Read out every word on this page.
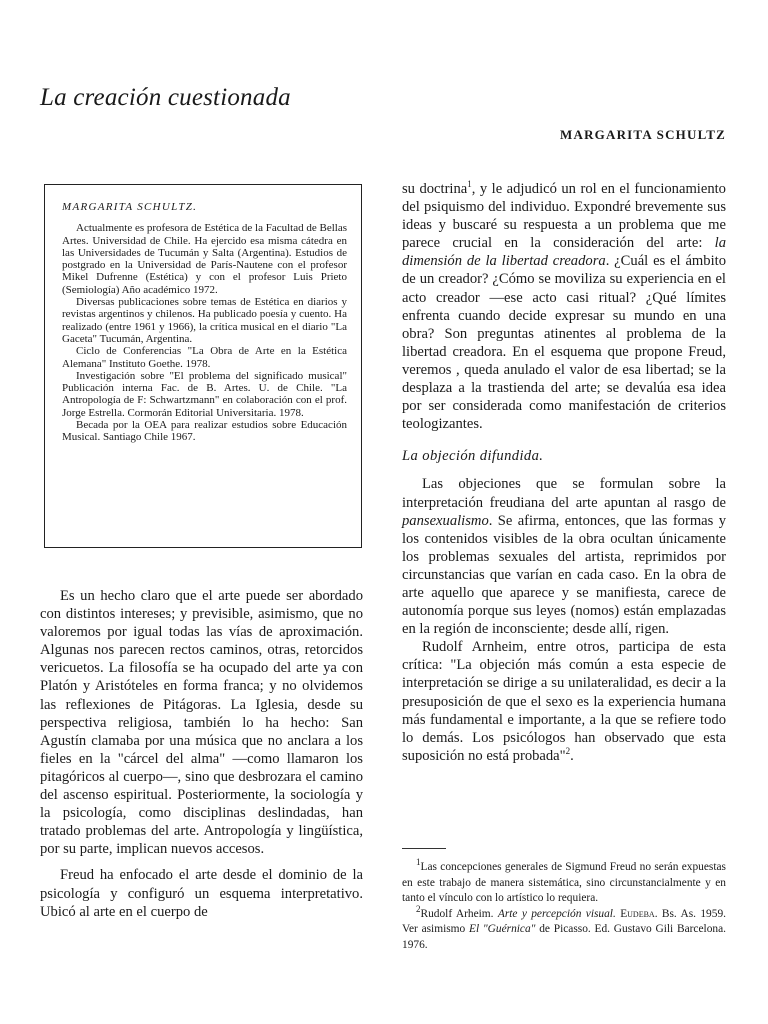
La creación cuestionada
MARGARITA SCHULTZ
MARGARITA SCHULTZ.

Actualmente es profesora de Estética de la Facultad de Bellas Artes. Universidad de Chile. Ha ejercido esa misma cátedra en las Universidades de Tucumán y Salta (Argentina). Estudios de postgrado en la Universidad de París-Nautene con el profesor Mikel Dufrenne (Estética) y con el profesor Luis Prieto (Semiología) Año académico 1972.

Diversas publicaciones sobre temas de Estética en diarios y revistas argentinos y chilenos. Ha publicado poesía y cuento. Ha realizado (entre 1961 y 1966), la crítica musical en el diario "La Gaceta" Tucumán, Argentina.

Ciclo de Conferencias "La Obra de Arte en la Estética Alemana" Instituto Goethe. 1978.

Investigación sobre "El problema del significado musical" Publicación interna Fac. de B. Artes. U. de Chile. "La Antropología de F: Schwartzmann" en colaboración con el prof. Jorge Estrella. Cormorán Editorial Universitaria. 1978.

Becada por la OEA para realizar estudios sobre Educación Musical. Santiago Chile 1967.

Es un hecho claro que el arte puede ser abordado con distintos intereses; y previsible, asimismo, que no valoremos por igual todas las vías de aproximación. Algunas nos parecen rectos caminos, otras, retorcidos vericuetos. La filosofía se ha ocupado del arte ya con Platón y Aristóteles en forma franca; y no olvidemos las reflexiones de Pitágoras. La Iglesia, desde su perspectiva religiosa, también lo ha hecho: San Agustín clamaba por una música que no anclara a los fieles en la "cárcel del alma" —como llamaron los pitagóricos al cuerpo—, sino que desbrozara el camino del ascenso espiritual. Posteriormente, la sociología y la psicología, como disciplinas deslindadas, han tratado problemas del arte. Antropología y lingüística, por su parte, implican nuevos accesos.

Freud ha enfocado el arte desde el dominio de la psicología y configuró un esquema interpretativo. Ubicó al arte en el cuerpo de

su doctrina$^1$, y le adjudicó un rol en el funcionamiento del psiquismo del individuo. Expondré brevemente sus ideas y buscaré su respuesta a un problema que me parece crucial en la consideración del arte: la dimensión de la libertad creadora. ¿Cuál es el ámbito de un creador? ¿Cómo se moviliza su experiencia en el acto creador —ese acto casi ritual? ¿Qué límites enfrenta cuando decide expresar su mundo en una obra? Son preguntas atinentes al problema de la libertad creadora. En el esquema que propone Freud, veremos , queda anulado el valor de esa libertad; se la desplaza a la trastienda del arte; se devalúa esa idea por ser considerada como manifestación de criterios teologizantes.

La objeción difundida.

Las objeciones que se formulan sobre la interpretación freudiana del arte apuntan al rasgo de pansexualismo. Se afirma, entonces, que las formas y los contenidos visibles de la obra ocultan únicamente los problemas sexuales del artista, reprimidos por circunstancias que varían en cada caso. En la obra de arte aquello que aparece y se manifiesta, carece de autonomía porque sus leyes (nomos) están emplazadas en la región de inconsciente; desde allí, rigen.

Rudolf Arnheim, entre otros, participa de esta crítica: "La objeción más común a esta especie de interpretación se dirige a su unilateralidad, es decir a la presuposición de que el sexo es la experiencia humana más fundamental e importante, a la que se refiere todo lo demás. Los psicólogos han observado que esta suposición no está probada"$^2$.

$^1$Las concepciones generales de Sigmund Freud no serán expuestas en este trabajo de manera sistemática, sino circunstancialmente y en tanto el vínculo con lo artístico lo requiera.

$^2$Rudolf Arheim. Arte y percepción visual. Eudeba. Bs. As. 1959. Ver asimismo El "Guérnica" de Picasso. Ed. Gustavo Gili Barcelona. 1976.
